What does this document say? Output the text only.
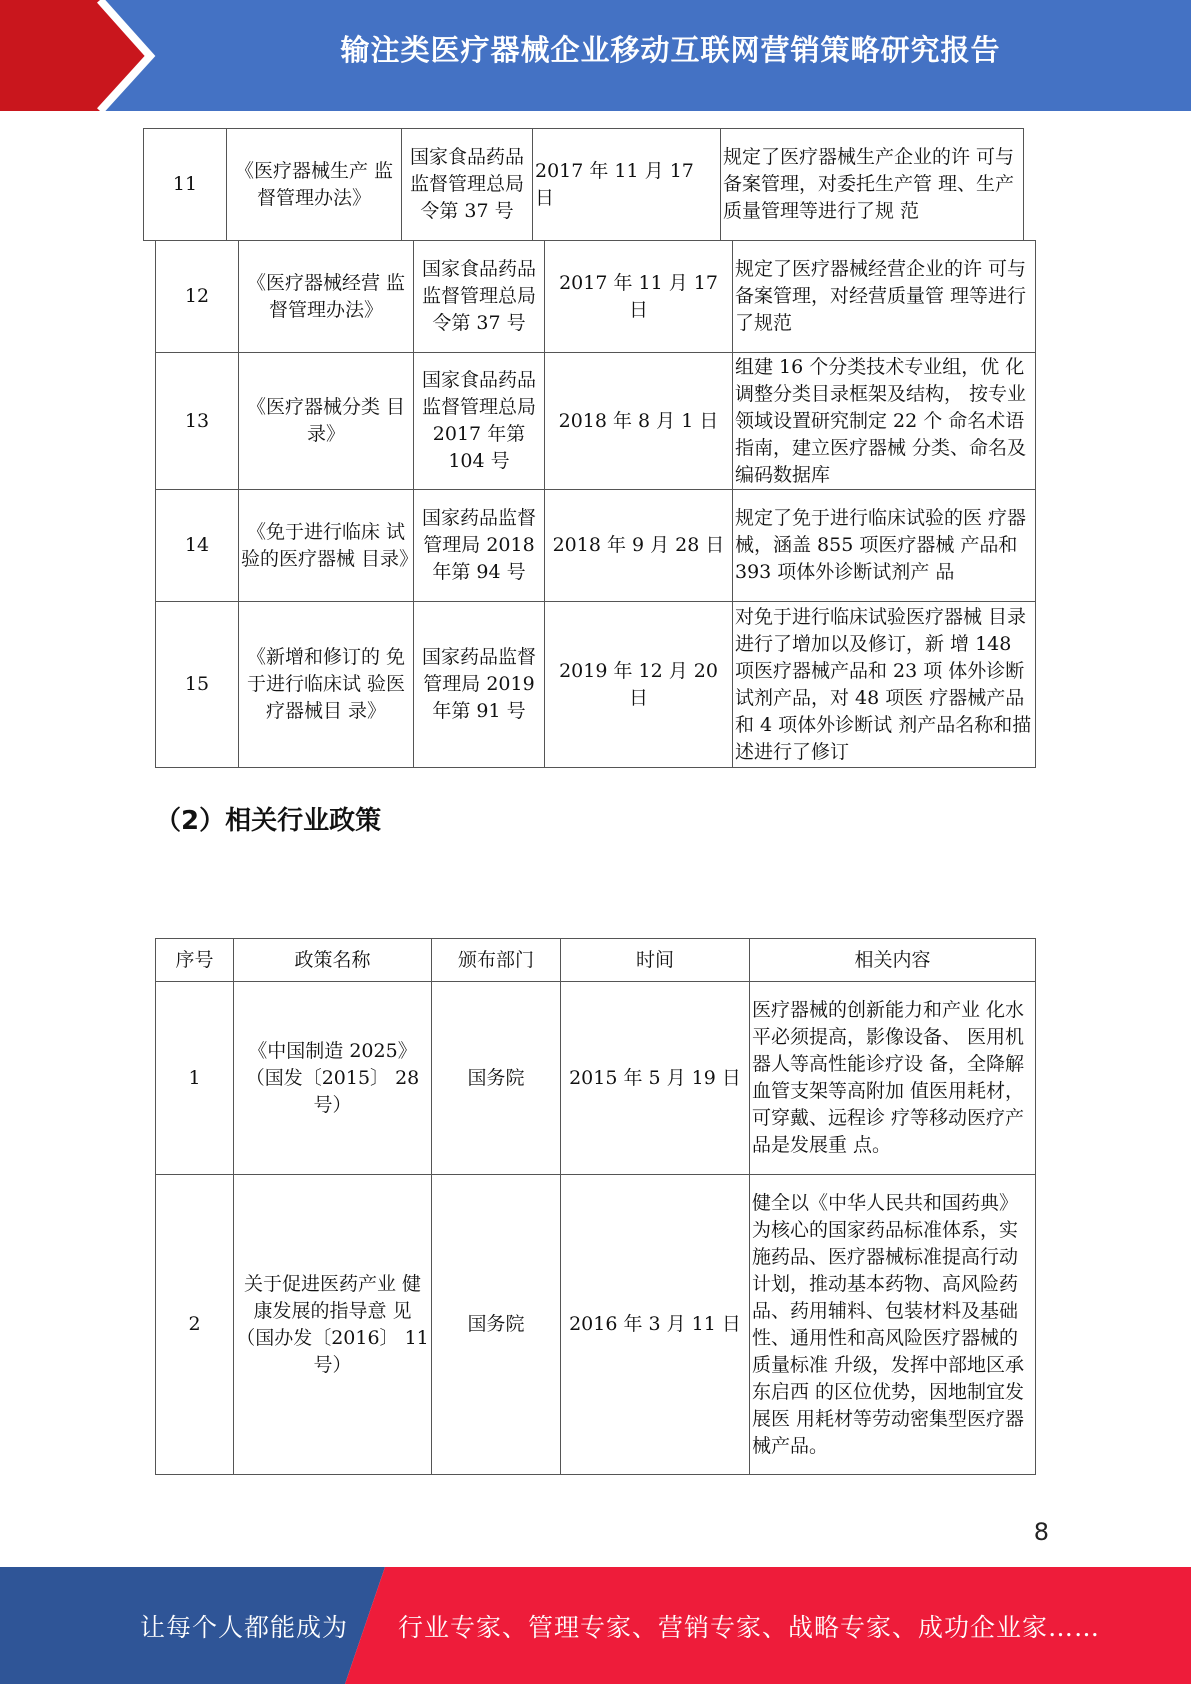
输注类医疗器械企业移动互联网营销策略研究报告
11	《医疗器械生产 监督管理办法》	国家食品药品监督管理总局令第 37 号	2017 年 11 月 17 日	规定了医疗器械生产企业的许 可与备案管理，对委托生产管 理、生产质量管理等进行了规 范
12	《医疗器械经营 监督管理办法》	国家食品药品监督管理总局令第 37 号	2017 年 11 月 17 日	规定了医疗器械经营企业的许 可与备案管理，对经营质量管 理等进行了规范
13	《医疗器械分类 目录》	国家食品药品监督管理总局 2017 年第 104 号	2018 年 8 月 1 日	组建 16 个分类技术专业组，优 化调整分类目录框架及结构， 按专业领域设置研究制定 22 个 命名术语指南，建立医疗器械 分类、命名及编码数据库
14	《免于进行临床 试验的医疗器械 目录》	国家药品监督管理局 2018 年第 94 号	2018 年 9 月 28 日	规定了免于进行临床试验的医 疗器械，涵盖 855 项医疗器械 产品和 393 项体外诊断试剂产 品
15	《新增和修订的 免于进行临床试 验医疗器械目 录》	国家药品监督管理局 2019 年第 91 号	2019 年 12 月 20 日	对免于进行临床试验医疗器械 目录进行了增加以及修订，新 增 148 项医疗器械产品和 23 项 体外诊断试剂产品，对 48 项医 疗器械产品和 4 项体外诊断试 剂产品名称和描述进行了修订
（2）相关行业政策
序号	政策名称	颁布部门	时间	相关内容
1	《中国制造 2025》（国发〔2015〕 28 号）	国务院	2015 年 5 月 19 日	医疗器械的创新能力和产业 化水平必须提高，影像设备、 医用机器人等高性能诊疗设 备，全降解血管支架等高附加 值医用耗材，可穿戴、远程诊 疗等移动医疗产品是发展重 点。
2	关于促进医药产业 健康发展的指导意 见（国办发〔2016〕 11 号）	国务院	2016 年 3 月 11 日	健全以《中华人民共和国药典》为核心的国家药品标准体系，实施药品、医疗器械标准提高行动计划，推动基本药物、高风险药品、药用辅料、包装材料及基础性、通用性和高风险医疗器械的质量标准 升级，发挥中部地区承东启西 的区位优势，因地制宜发展医 用耗材等劳动密集型医疗器 械产品。
8
让每个人都能成为 行业专家、管理专家、营销专家、战略专家、成功企业家……
